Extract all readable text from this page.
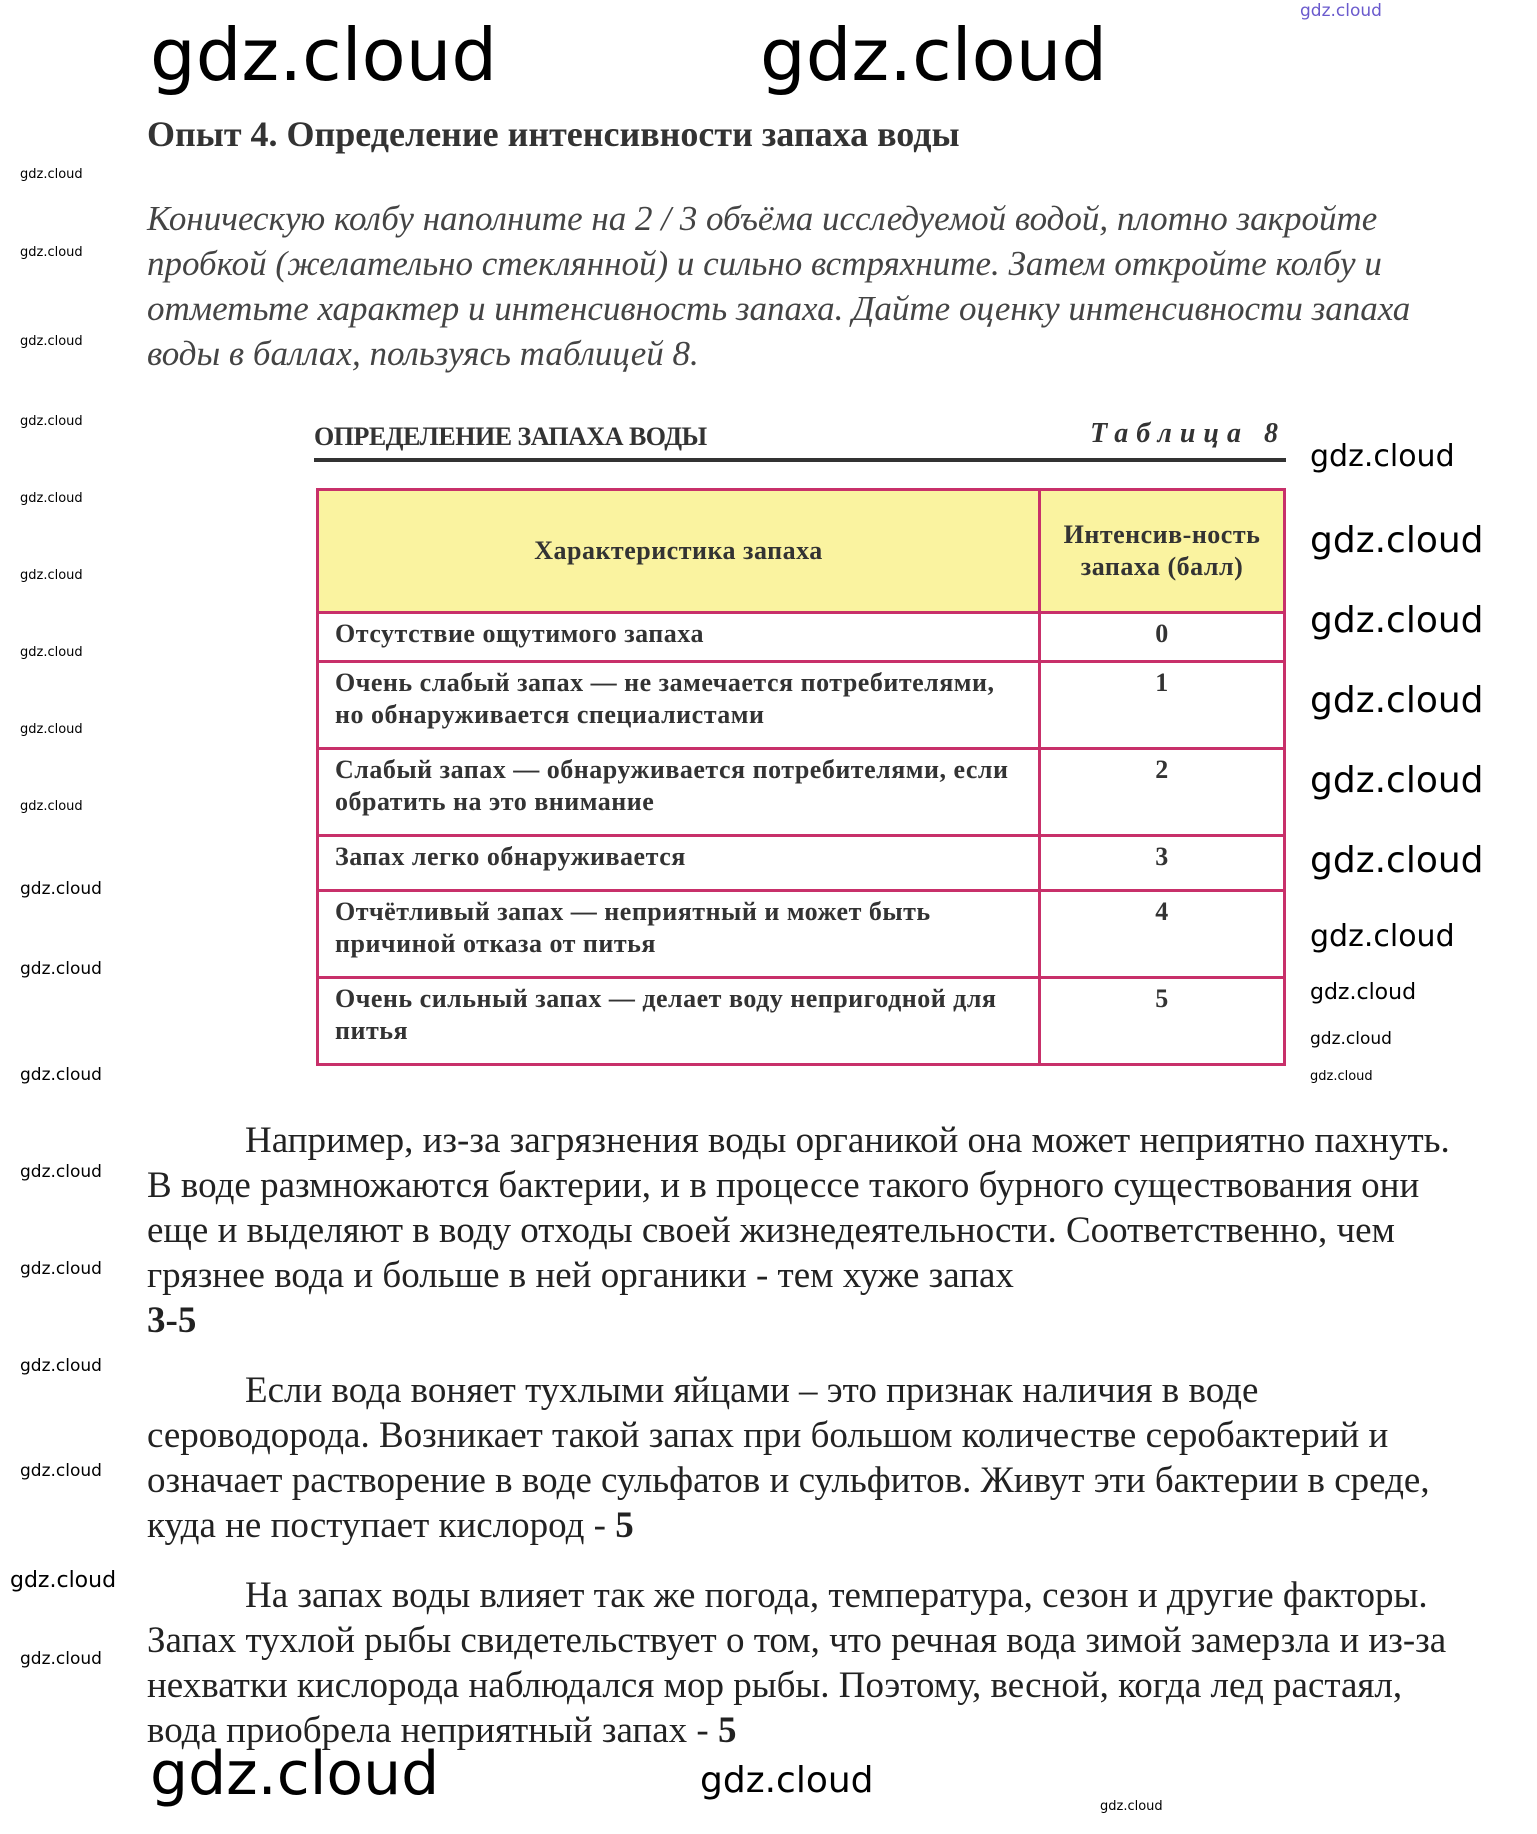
Опыт 4. Определение интенсивности запаха воды
Коническую колбу наполните на 2 / 3 объёма исследуемой водой, плотно закройте пробкой (желательно стеклянной) и сильно встряхните. Затем откройте колбу и отметьте характер и интенсивность запаха. Дайте оценку интенсивности запаха воды в баллах, пользуясь таблицей 8.
ОПРЕДЕЛЕНИЕ ЗАПАХА ВОДЫ	Таблица 8
Характеристика запаха	Интенсив-ность запаха (балл)
Отсутствие ощутимого запаха	0
Очень слабый запах — не замечается потребителями, но обнаруживается специалистами	1
Слабый запах — обнаруживается потребителями, если обратить на это внимание	2
Запах легко обнаруживается	3
Отчётливый запах — неприятный и может быть причиной отказа от питья	4
Очень сильный запах — делает воду непригодной для питья	5

Например, из-за загрязнения воды органикой она может неприятно пахнуть. В воде размножаются бактерии, и в процессе такого бурного существования они еще и выделяют в воду отходы своей жизнедеятельности. Соответственно, чем грязнее вода и больше в ней органики - тем хуже запах

3-5

Если вода воняет тухлыми яйцами – это признак наличия в воде сероводорода. Возникает такой запах при большом количестве серобактерий и означает растворение в воде сульфатов и сульфитов. Живут эти бактерии в среде, куда не поступает кислород - 5

На запах воды влияет так же погода, температура, сезон и другие факторы. Запах тухлой рыбы свидетельствует о том, что речная вода зимой замерзла и из-за нехватки кислорода наблюдался мор рыбы. Поэтому, весной, когда лед растаял, вода приобрела неприятный запах - 5

gdz.cloud
gdz.cloud	gdz.cloud
gdz.cloud
gdz.cloud
gdz.cloud
gdz.cloud
gdz.cloud
gdz.cloud
gdz.cloud
gdz.cloud
gdz.cloud
gdz.cloud
gdz.cloud	gdz.cloud
gdz.cloud
gdz.cloud
gdz.cloud
gdz.cloud
gdz.cloud
gdz.cloud
gdz.cloud
gdz.cloud
gdz.cloud
gdz.cloud
gdz.cloud
gdz.cloud
gdz.cloud
gdz.cloud
gdz.cloud
gdz.cloud
gdz.cloud
gdz.cloud
gdz.cloud
